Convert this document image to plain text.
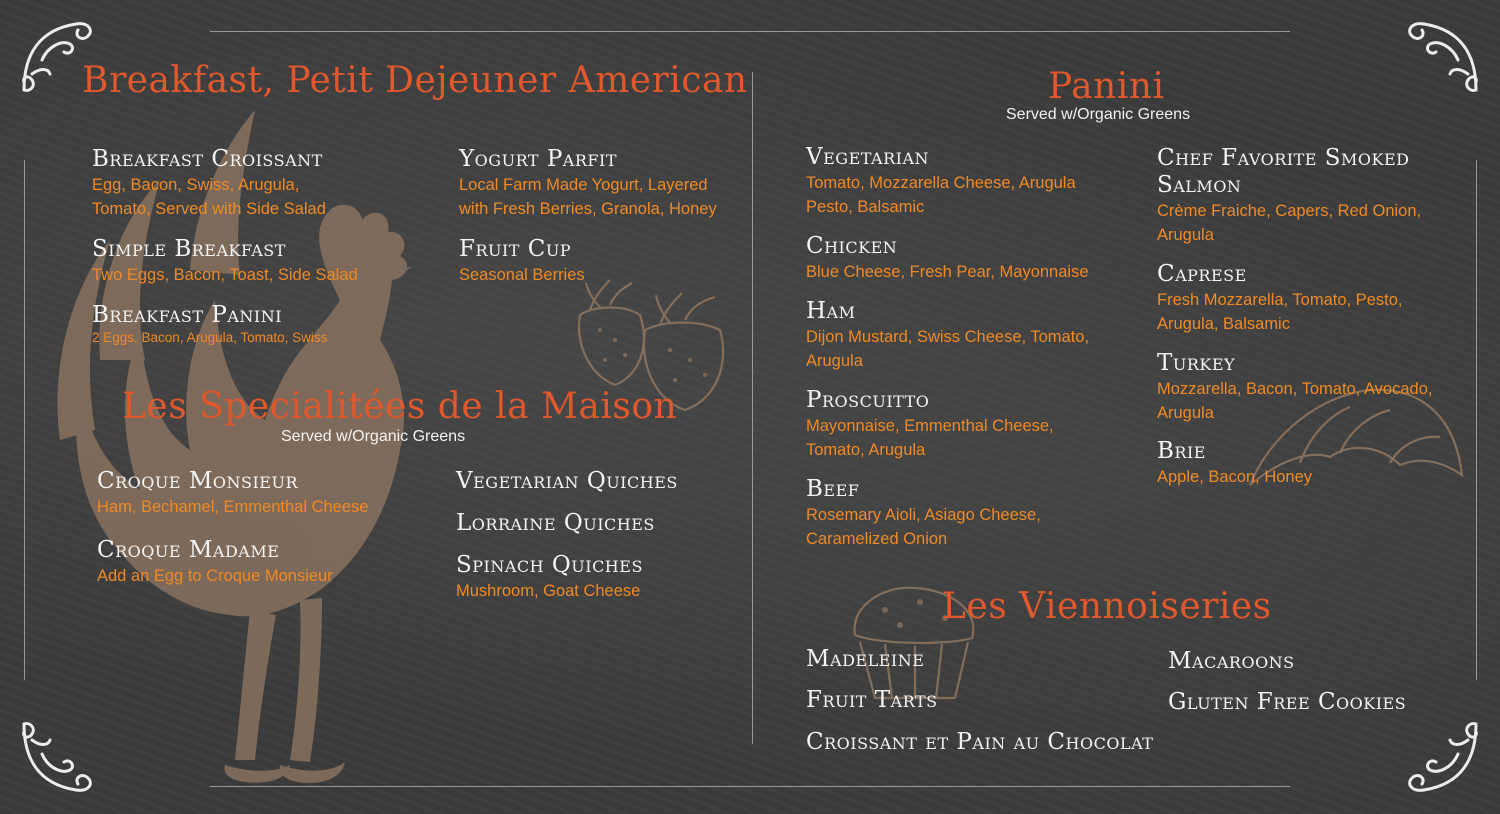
Breakfast, Petit Dejeuner American
Breakfast Croissant
Egg, Bacon, Swiss, Arugula, Tomato, Served with Side Salad
Simple Breakfast
Two Eggs, Bacon, Toast, Side Salad
Breakfast Panini
2 Eggs, Bacon, Arugula, Tomato, Swiss
Yogurt Parfit
Local Farm Made Yogurt, Layered with Fresh Berries, Granola, Honey
Fruit Cup
Seasonal Berries
Les Specialitées de la Maison
Served w/Organic Greens
Croque Monsieur
Ham, Bechamel, Emmenthal Cheese
Croque Madame
Add an Egg to Croque Monsieur
Vegetarian Quiches
Lorraine Quiches
Spinach Quiches
Mushroom, Goat Cheese
Panini
Served w/Organic Greens
Vegetarian
Tomato, Mozzarella Cheese, Arugula Pesto, Balsamic
Chicken
Blue Cheese, Fresh Pear, Mayonnaise
Ham
Dijon Mustard, Swiss Cheese, Tomato, Arugula
Proscuitto
Mayonnaise, Emmenthal Cheese, Tomato, Arugula
Beef
Rosemary Aioli, Asiago Cheese, Caramelized Onion
Chef Favorite Smoked Salmon
Crème Fraiche, Capers, Red Onion, Arugula
Caprese
Fresh Mozzarella, Tomato, Pesto, Arugula, Balsamic
Turkey
Mozzarella, Bacon, Tomato, Avocado, Arugula
Brie
Apple, Bacon, Honey
Les Viennoiseries
Madeleine
Fruit Tarts
Croissant et Pain au Chocolat
Macaroons
Gluten Free Cookies
